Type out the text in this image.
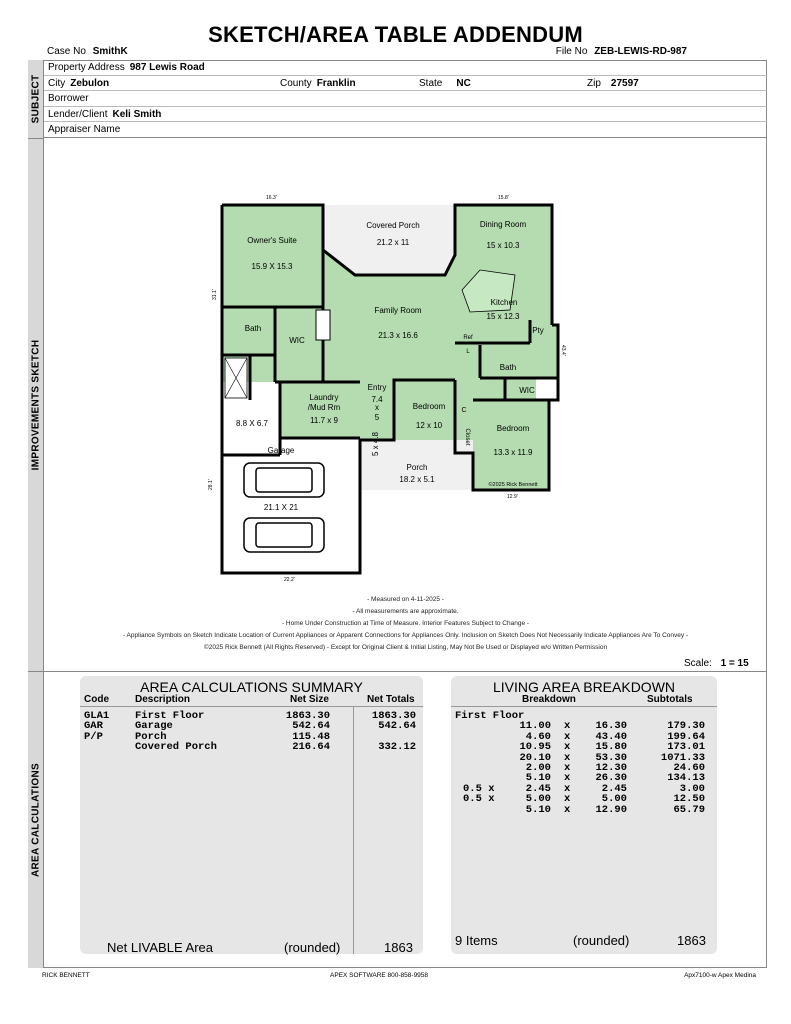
SKETCH/AREA TABLE ADDENDUM
Case No SmithK	File No ZEB-LEWIS-RD-987
SUBJECT
IMPROVEMENTS SKETCH
AREA CALCULATIONS
Property Address 987 Lewis Road
City Zebulon	County Franklin	State NC	Zip 27597
Borrower
Lender/Client Keli Smith
Appraiser Name
16.3'	15.8'
31.1'
43.4'
28.1'
22.2'
12.9'
Owner's Suite
15.9 X 15.3
Covered Porch
21.2 x 11
Dining Room
15 x 10.3
Kitchen
15 x 12.3
Family Room
21.3 x 16.6
Bath
WIC
Pty
Ref
L
Bath
WIC
Laundry
/Mud Rm
11.7 x 9
Entry
7.4
x
5
Bedroom
12 x 10	Bedroom
13.3 x 11.9
C
Closet
Garage
21.1 X 21
8.8 X 6.7
Porch
18.2 x 5.1
5 x 4.8
©2025 Rick Bennett
- Measured on 4-11-2025 -
- All measurements are approximate.
- Home Under Construction at Time of Measure. Interior Features Subject to Change -
- Appliance Symbols on Sketch Indicate Location of Current Appliances or Apparent Connections for Appliances Only. Inclusion on Sketch Does Not Necessarily Indicate Appliances Are To Convey -
©2025 Rick Bennett (All Rights Reserved) - Except for Original Client & Initial Listing, May Not Be Used or Displayed w/o Written Permission
Scale: 1 = 15
AREA CALCULATIONS SUMMARY
Code	Description	Net Size	Net Totals
GLA1 First Floor	1863.30	1863.30
GAR	Garage	542.64	542.64
P/P	Porch	115.48
Covered Porch	216.64	332.12
Net LIVABLE Area	(rounded)	1863
LIVING AREA BREAKDOWN
Breakdown	Subtotals
First Floor
11.00 x 16.30	179.30
4.60 x 43.40	199.64
10.95 x 15.80	173.01
20.10 x 53.30	1071.33
2.00 x 12.30	24.60
5.10 x 26.30	134.13
0.5 x	2.45 x	2.45	3.00
0.5 x	5.00 x	5.00	12.50
5.10 x 12.90	65.79
9 Items	(rounded)	1863
RICK BENNETT	APEX SOFTWARE 800-858-9958	Apx7100-w Apex Medina
